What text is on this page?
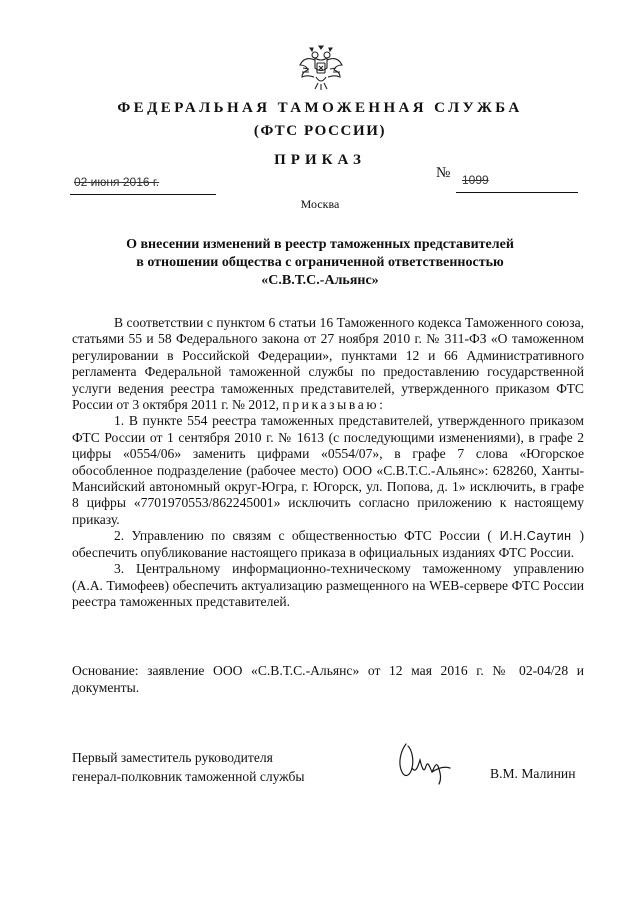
ФЕДЕРАЛЬНАЯ ТАМОЖЕННАЯ СЛУЖБА
(ФТС РОССИИ)
ПРИКАЗ
02 июня 2016 г.
№ 1099
Москва
О внесении изменений в реестр таможенных представителей
в отношении общества с ограниченной ответственностью
«С.В.Т.С.-Альянс»

В соответствии с пунктом 6 статьи 16 Таможенного кодекса Таможенного союза, статьями 55 и 58 Федерального закона от 27 ноября 2010 г. № 311-ФЗ «О таможенном регулировании в Российской Федерации», пунктами 12 и 66 Административного регламента Федеральной таможенной службы по предоставлению государственной услуги ведения реестра таможенных представителей, утвержденного приказом ФТС России от 3 октября 2011 г. № 2012, приказываю:

1. В пункте 554 реестра таможенных представителей, утвержденного приказом ФТС России от 1 сентября 2010 г. № 1613 (с последующими изменениями), в графе 2 цифры «0554/06» заменить цифрами «0554/07», в графе 7 слова «Югорское обособленное подразделение (рабочее место) ООО «С.В.Т.С.-Альянс»: 628260, Ханты-Мансийский автономный округ-Югра, г. Югорск, ул. Попова, д. 1» исключить, в графе 8 цифры «7701970553/862245001» исключить согласно приложению к настоящему приказу.

2. Управлению по связям с общественностью ФТС России ( И.Н.Саутин ) обеспечить опубликование настоящего приказа в официальных изданиях ФТС России.

3. Центральному информационно-техническому таможенному управлению (А.А. Тимофеев) обеспечить актуализацию размещенного на WEB-сервере ФТС России реестра таможенных представителей.

Основание: заявление ООО «С.В.Т.С.-Альянс» от 12 мая 2016 г. № 02-04/28 и документы.
Первый заместитель руководителя
генерал-полковник таможенной службы	В.М. Малинин
